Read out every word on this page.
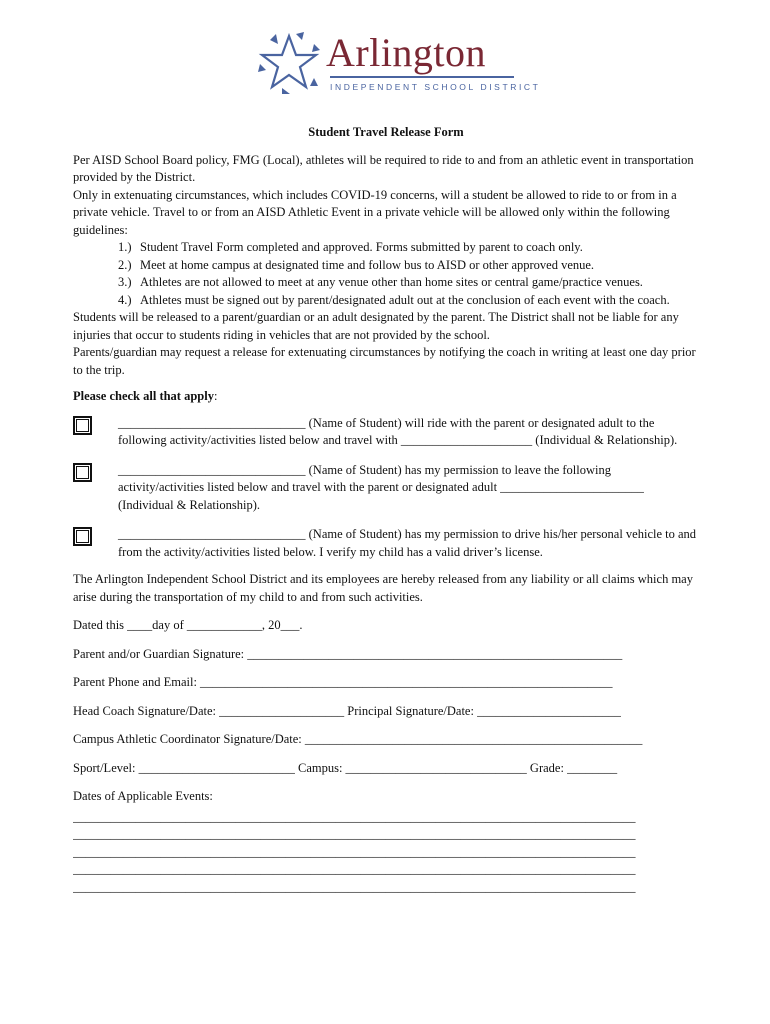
Arlington
INDEPENDENT SCHOOL DISTRICT
Student Travel Release Form

Per AISD School Board policy, FMG (Local), athletes will be required to ride to and from an athletic event in transportation provided by the District.

Only in extenuating circumstances, which includes COVID-19 concerns, will a student be allowed to ride to or from in a private vehicle. Travel to or from an AISD Athletic Event in a private vehicle will be allowed only within the following guidelines:

1.) Student Travel Form completed and approved. Forms submitted by parent to coach only.
2.) Meet at home campus at designated time and follow bus to AISD or other approved venue.
3.) Athletes are not allowed to meet at any venue other than home sites or central game/practice venues.
4.) Athletes must be signed out by parent/designated adult out at the conclusion of each event with the coach.

Students will be released to a parent/guardian or an adult designated by the parent. The District shall not be liable for any injuries that occur to students riding in vehicles that are not provided by the school.

Parents/guardian may request a release for extenuating circumstances by notifying the coach in writing at least one day prior to the trip.

Please check all that apply:
______________________________ (Name of Student) will ride with the parent or designated adult to the following activity/activities listed below and travel with _____________________ (Individual & Relationship).
______________________________ (Name of Student) has my permission to leave the following activity/activities listed below and travel with the parent or designated adult _______________________ (Individual & Relationship).
______________________________ (Name of Student) has my permission to drive his/her personal vehicle to and from the activity/activities listed below. I verify my child has a valid driver’s license.

The Arlington Independent School District and its employees are hereby released from any liability or all claims which may arise during the transportation of my child to and from such activities.

Dated this ____day of ____________, 20___.
Parent and/or Guardian Signature: ____________________________________________________________
Parent Phone and Email: __________________________________________________________________
Head Coach Signature/Date: ____________________ Principal Signature/Date: _______________________
Campus Athletic Coordinator Signature/Date: ______________________________________________________
Sport/Level: _________________________ Campus: _____________________________ Grade: ________
Dates of Applicable Events:
__________________________________________________________________________________________
__________________________________________________________________________________________
__________________________________________________________________________________________
__________________________________________________________________________________________
__________________________________________________________________________________________
